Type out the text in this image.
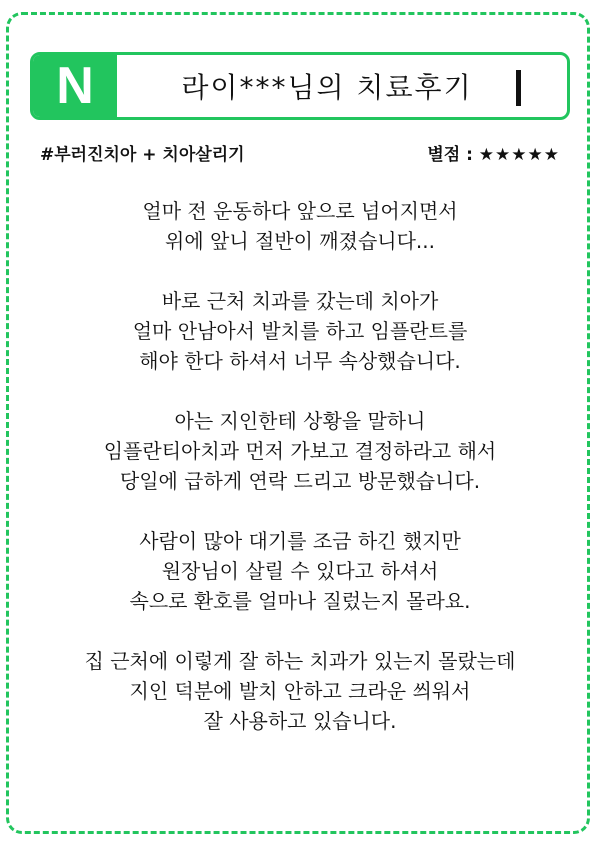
N	라이***님의 치료후기
#부러진치아 + 치아살리기	별점 : ★★★★★

얼마 전 운동하다 앞으로 넘어지면서
위에 앞니 절반이 깨졌습니다...

바로 근처 치과를 갔는데 치아가
얼마 안남아서 발치를 하고 임플란트를
해야 한다 하셔서 너무 속상했습니다.

아는 지인한테 상황을 말하니
임플란티아치과 먼저 가보고 결정하라고 해서
당일에 급하게 연락 드리고 방문했습니다.

사람이 많아 대기를 조금 하긴 했지만
원장님이 살릴 수 있다고 하셔서
속으로 환호를 얼마나 질렀는지 몰라요.

집 근처에 이렇게 잘 하는 치과가 있는지 몰랐는데
지인 덕분에 발치 안하고 크라운 씌워서
잘 사용하고 있습니다.
